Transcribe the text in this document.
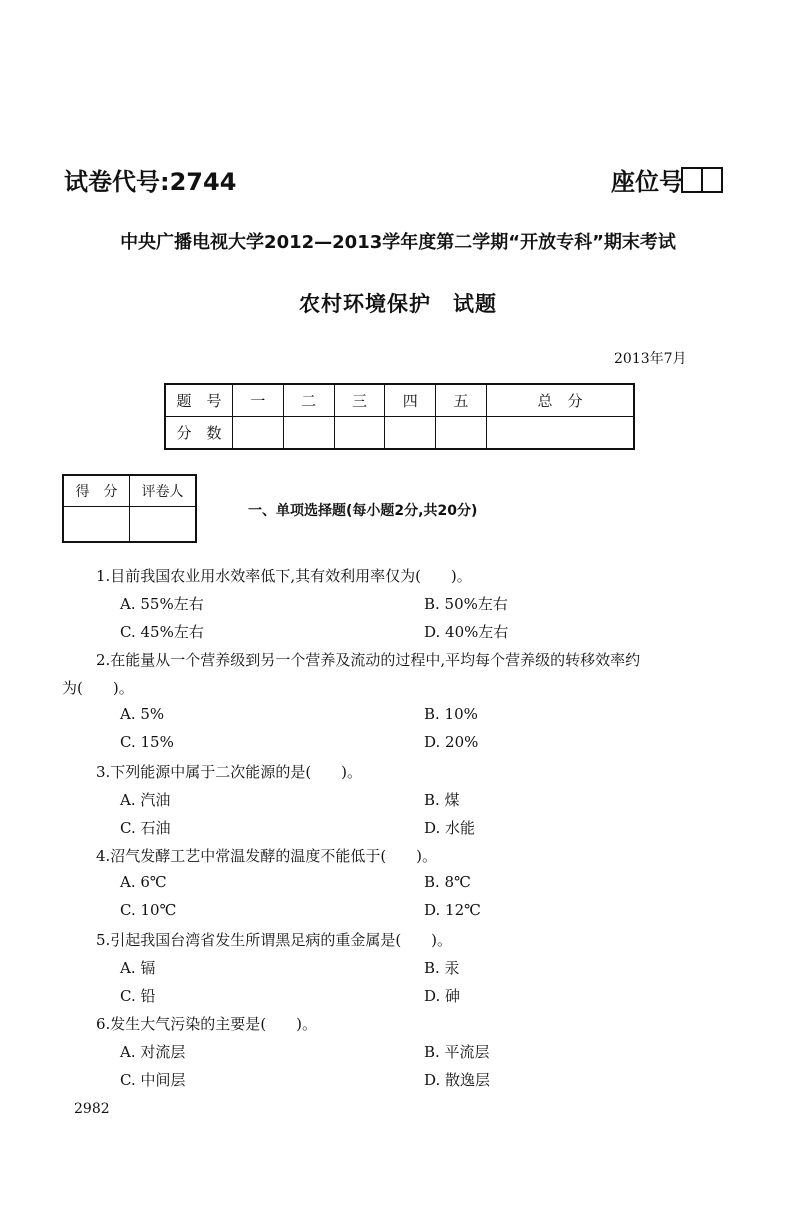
试卷代号:2744	座位号
中央广播电视大学2012—2013学年度第二学期“开放专科”期末考试
农村环境保护　试题
2013年7月
题　号	一	二	三	四	五	总　分
分　数						
得　分	评卷人

一、单项选择题(每小题2分,共20分)
1.目前我国农业用水效率低下,其有效利用率仅为(　　)。
A. 55%左右	B. 50%左右
C. 45%左右	D. 40%左右
2.在能量从一个营养级到另一个营养及流动的过程中,平均每个营养级的转移效率约
为(　　)。
A. 5%	B. 10%
C. 15%	D. 20%
3.下列能源中属于二次能源的是(　　)。
A. 汽油	B. 煤
C. 石油	D. 水能
4.沼气发酵工艺中常温发酵的温度不能低于(　　)。
A. 6℃	B. 8℃
C. 10℃	D. 12℃
5.引起我国台湾省发生所谓黑足病的重金属是(　　)。
A. 镉	B. 汞
C. 铅	D. 砷
6.发生大气污染的主要是(　　)。
A. 对流层	B. 平流层
C. 中间层	D. 散逸层
2982
